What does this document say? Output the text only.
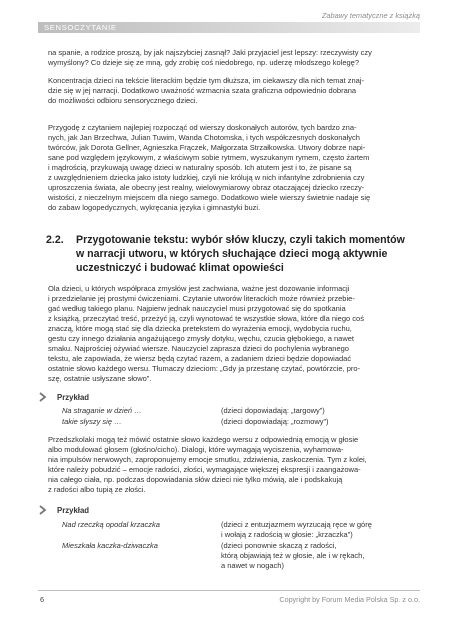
Zabawy tematyczne z książką
SENSOCZYTANIE
na spanie, a rodzice proszą, by jak najszybciej zasnął? Jaki przyjaciel jest lepszy: rzeczywisty czy
wymyślony? Co dzieje się ze mną, gdy zrobię coś niedobrego, np. uderzę młodszego kolegę?
Koncentracja dzieci na tekście literackim będzie tym dłuższa, im ciekawszy dla nich temat znaj-
dzie się w jej narracji. Dodatkowo uważność wzmacnia szata graficzna odpowiednio dobrana
do możliwości odbioru sensorycznego dzieci.
Przygodę z czytaniem najlepiej rozpocząć od wierszy doskonałych autorów, tych bardzo zna-
nych, jak Jan Brzechwa, Julian Tuwim, Wanda Chotomska, i tych współczesnych doskonałych
twórców, jak Dorota Gellner, Agnieszka Frączek, Małgorzata Strzałkowska. Utwory dobrze napi-
sane pod względem językowym, z właściwym sobie rytmem, wyszukanym rymem, często żartem
i mądrością, przykuwają uwagę dzieci w naturalny sposób. Ich atutem jest i to, że pisane są
z uwzględnieniem dziecka jako istoty ludzkiej, czyli nie królują w nich infantylne zdrobnienia czy
uproszczenia świata, ale obecny jest realny, wielowymiarowy obraz otaczającej dziecko rzeczy-
wistości, z nieczelnym miejscem dla niego samego. Dodatkowo wiele wierszy świetnie nadaje się
do zabaw logopedycznych, wykręcania języka i gimnastyki buzi.
2.2.	Przygotowanie tekstu: wybór słów kluczy, czyli takich momentów
w narracji utworu, w których słuchające dzieci mogą aktywnie
uczestniczyć i budować klimat opowieści
Ola dzieci, u których współpraca zmysłów jest zachwiana, ważne jest dozowanie informacji
i przedzielanie jej prostymi ćwiczeniami. Czytanie utworów literackich może również przebie-
gać według takiego planu. Najpierw jednak nauczyciel musi przygotować się do spotkania
z książką, przeczytać treść, przeżyć ją, czyli wynotować te wszystkie słowa, które dla niego coś
znaczą, które mogą stać się dla dziecka pretekstem do wyrażenia emocji, wydobycia ruchu,
gestu czy innego działania angażującego zmysły dotyku, węchu, czucia głębokiego, a nawet
smaku. Najprościej ożywiać wiersze. Nauczyciel zaprasza dzieci do pochylenia wybranego
tekstu, ale zapowiada, że wiersz będą czytać razem, a zadaniem dzieci będzie dopowiadać
ostatnie słowo każdego wersu. Tłumaczy dzieciom: „Gdy ja przestanę czytać, powtórzcie, pro-
szę, ostatnie usłyszane słowo”.
Przykład
Na straganie w dzień …	(dzieci dopowiadają: „targowy”)
takie słyszy się …	(dzieci dopowiadają: „rozmowy”)
Przedszkolaki mogą też mówić ostatnie słowo każdego wersu z odpowiednią emocją w głosie
albo modulować głosem (głośno/cicho). Dialogi, które wymagają wyciszenia, wyhamowa-
nia impulsów nerwowych, zaproponujemy emocje smutku, zdziwienia, zaskoczenia. Tym z kolei,
które należy pobudzić – emocje radości, złości, wymagające większej ekspresji i zaangażowa-
nia całego ciała, np. podczas dopowiadania słów dzieci nie tylko mówią, ale i podskakują
z radości albo tupią ze złości.
Przykład
Nad rzeczką opodal krzaczka	(dzieci z entuzjazmem wyrzucają ręce w górę
i wołają z radością w głosie: „krzaczka”)
Mieszkała kaczka-dziwaczka	(dzieci ponownie skaczą z radości,
którą objawiają też w głosie, ale i w rękach,
a nawet w nogach)
6	Copyright by Forum Media Polska Sp. z o.o.
